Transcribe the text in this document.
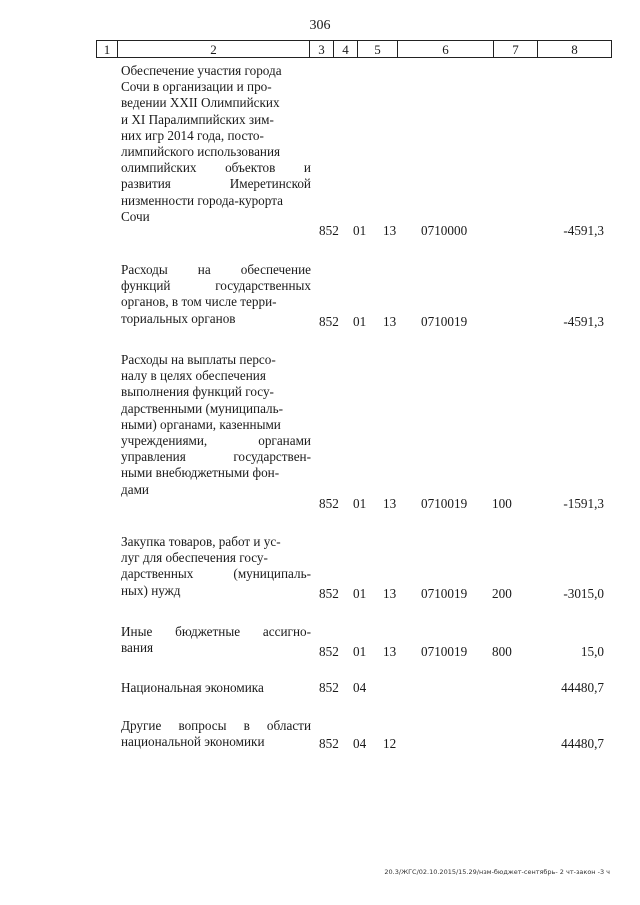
306
1	2	3	4	5	6	7	8
Обеспечение участия города
Сочи в организации и про-
ведении XXII Олимпийских
и XI Паралимпийских зим-
них игр 2014 года, посто-
лимпийского использования
олимпийских объектов и
развития Имеретинской
низменности города-курорта
Сочи
852 01 13 0710000	-4591,3
Расходы на обеспечение
функций государственных
органов, в том числе терри-
ториальных органов	852 01 13 0710019	-4591,3
Расходы на выплаты персо-
налу в целях обеспечения
выполнения функций госу-
дарственными (муниципаль-
ными) органами, казенными
учреждениями, органами
управления государствен-
ными внебюджетными фон-
дами
852 01 13 0710019 100	-1591,3
Закупка товаров, работ и ус-
луг для обеспечения госу-
дарственных (муниципаль-
ных) нужд	852 01 13 0710019 200	-3015,0
Иные бюджетные ассигно-
вания	852 01 13 0710019 800	15,0
Национальная экономика	852 04	44480,7
Другие вопросы в области
национальной экономики	852 04 12	44480,7
20.3/ЖГС/02.10.2015/15.29/нзм-бюджет-сентябрь- 2 чт-закон -3 ч
